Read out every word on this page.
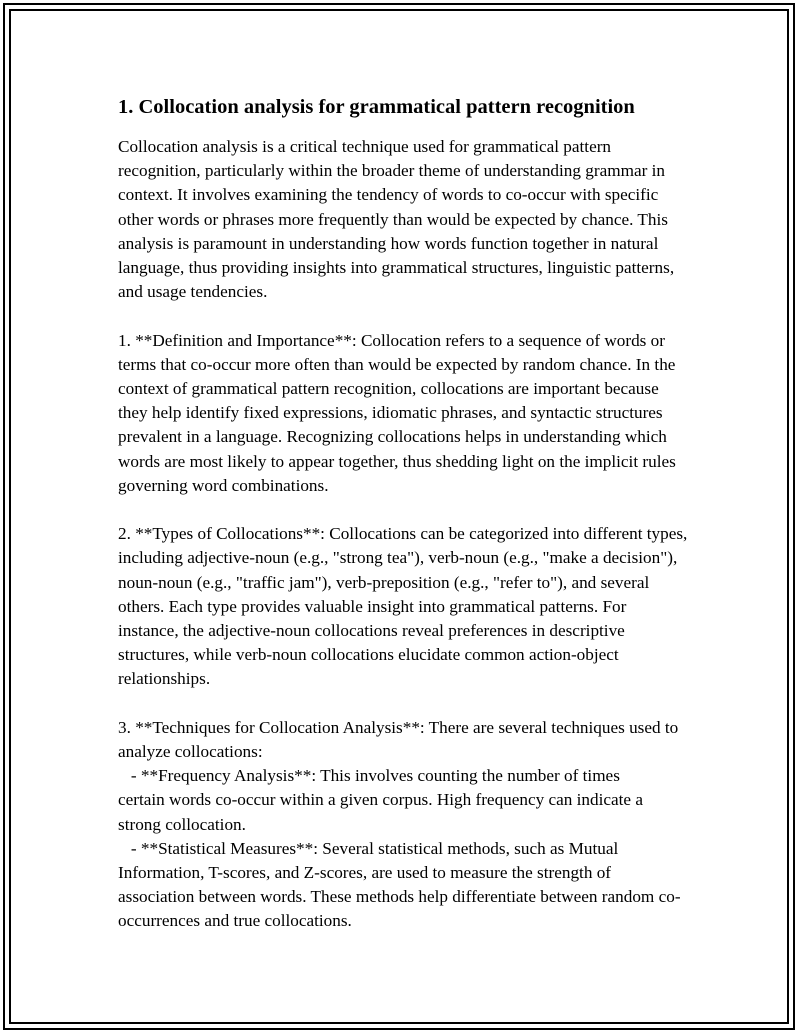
1. Collocation analysis for grammatical pattern recognition

Collocation analysis is a critical technique used for grammatical pattern recognition, particularly within the broader theme of understanding grammar in context. It involves examining the tendency of words to co-occur with specific other words or phrases more frequently than would be expected by chance. This analysis is paramount in understanding how words function together in natural language, thus providing insights into grammatical structures, linguistic patterns, and usage tendencies.

1. **Definition and Importance**: Collocation refers to a sequence of words or terms that co-occur more often than would be expected by random chance. In the context of grammatical pattern recognition, collocations are important because they help identify fixed expressions, idiomatic phrases, and syntactic structures prevalent in a language. Recognizing collocations helps in understanding which words are most likely to appear together, thus shedding light on the implicit rules governing word combinations.

2. **Types of Collocations**: Collocations can be categorized into different types, including adjective-noun (e.g., "strong tea"), verb-noun (e.g., "make a decision"), noun-noun (e.g., "traffic jam"), verb-preposition (e.g., "refer to"), and several others. Each type provides valuable insight into grammatical patterns. For instance, the adjective-noun collocations reveal preferences in descriptive structures, while verb-noun collocations elucidate common action-object relationships.

3. **Techniques for Collocation Analysis**: There are several techniques used to analyze collocations:

- **Frequency Analysis**: This involves counting the number of times
certain words co-occur within a given corpus. High frequency can indicate a strong collocation.

- **Statistical Measures**: Several statistical methods, such as Mutual
Information, T-scores, and Z-scores, are used to measure the strength of association between words. These methods help differentiate between random co-occurrences and true collocations.
